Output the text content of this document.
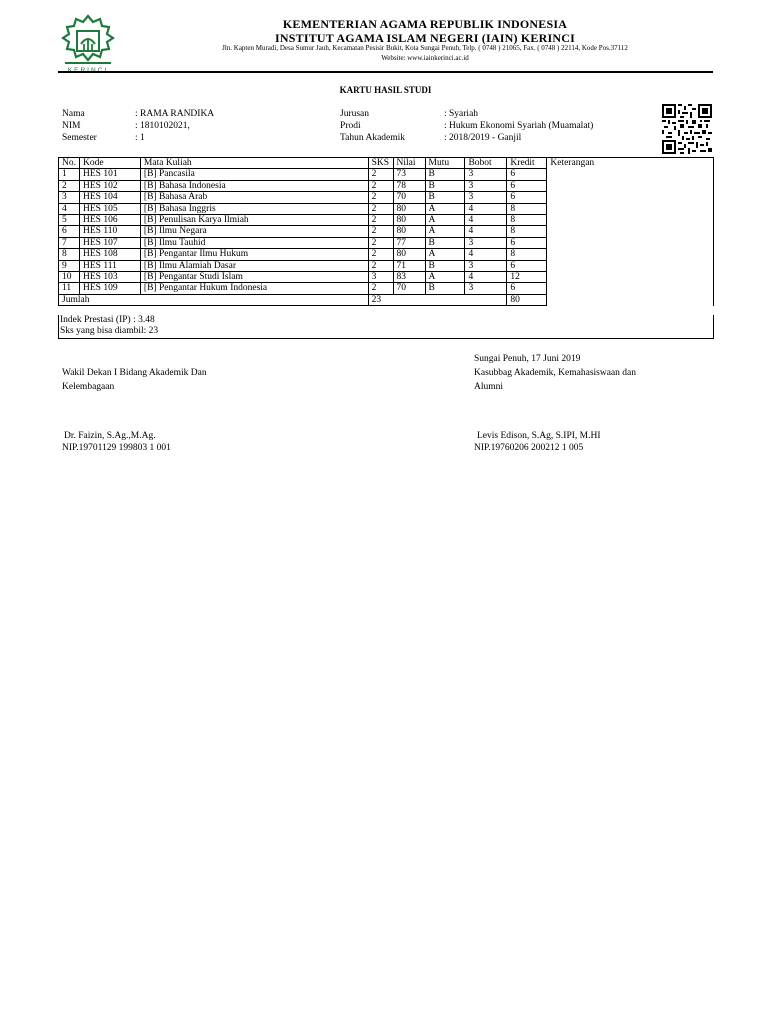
KERINCI
KEMENTERIAN AGAMA REPUBLIK INDONESIA
INSTITUT AGAMA ISLAM NEGERI (IAIN) KERINCI
Jln. Kapten Muradi, Desa Sumur Jauh, Kecamatan Pesisir Bukit, Kota Sungai Penuh, Telp. ( 0748 ) 21065, Fax. ( 0748 ) 22114, Kode Pos.37112
Website: www.iainkerinci.ac.id
KARTU HASIL STUDI
Nama	: RAMA RANDIKA
NIM	: 1810102021,
Semester	: 1
Jurusan	: Syariah
Prodi	: Hukum Ekonomi Syariah (Muamalat)
Tahun Akademik	: 2018/2019 - Ganjil
No.	Kode	Mata Kuliah	SKS	Nilai	Mutu	Bobot	Kredit	Keterangan
1	HES 101	[B] Pancasila	2	73	B	3	6	
2	HES 102	[B] Bahasa Indonesia	2	78	B	3	6	
3	HES 104	[B] Bahasa Arab	2	70	B	3	6	
4	HES 105	[B] Bahasa Inggris	2	80	A	4	8	
5	HES 106	[B] Penulisan Karya Ilmiah	2	80	A	4	8	
6	HES 110	[B] Ilmu Negara	2	80	A	4	8	
7	HES 107	[B] Ilmu Tauhid	2	77	B	3	6	
8	HES 108	[B] Pengantar Ilmu Hukum	2	80	A	4	8	
9	HES 111	[B] Ilmu Alamiah Dasar	2	71	B	3	6	
10	HES 103	[B] Pengantar Studi Islam	3	83	A	4	12	
11	HES 109	[B] Pengantar Hukum Indonesia	2	70	B	3	6	
Jumlah			23				80	
Indek Prestasi (IP) : 3.48
Sks yang bisa diambil: 23
Sungai Penuh, 17 Juni 2019
Wakil Dekan I Bidang Akademik Dan
Kelembagaan
Kasubbag Akademik, Kemahasiswaan dan
Alumni
Dr. Faizin, S.Ag.,M.Ag.
NIP.19701129 199803 1 001
Levis Edison, S.Ag, S.IPI, M.HI
NIP.19760206 200212 1 005
